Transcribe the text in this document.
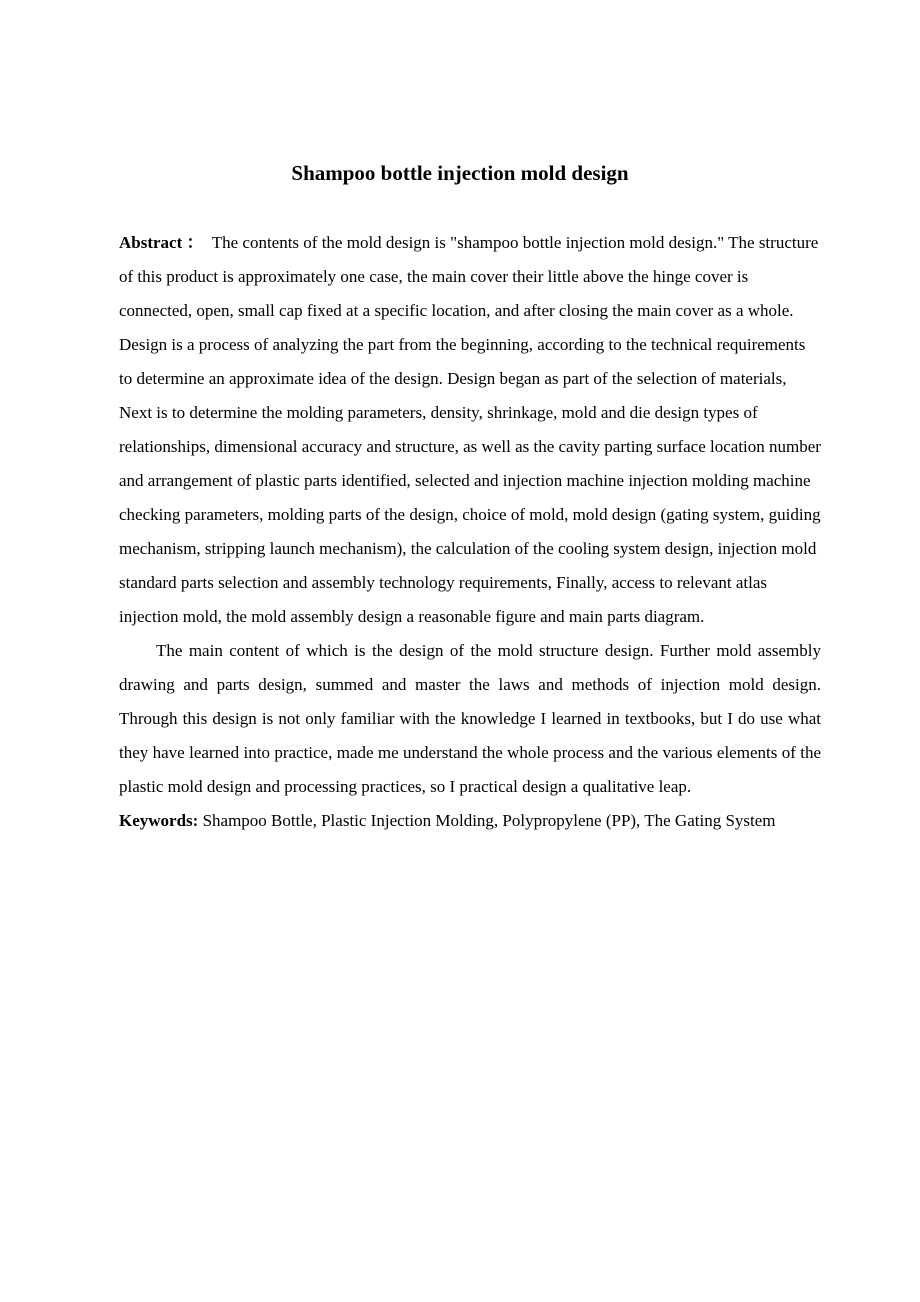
Shampoo bottle injection mold design

Abstract ： The contents of the mold design is "shampoo bottle injection mold design." The structure of this product is approximately one case, the main cover their little above the hinge cover is connected, open, small cap fixed at a specific location, and after closing the main cover as a whole. Design is a process of analyzing the part from the beginning, according to the technical requirements to determine an approximate idea of the design. Design began as part of the selection of materials, Next is to determine the molding parameters, density, shrinkage, mold and die design types of relationships, dimensional accuracy and structure, as well as the cavity parting surface location number and arrangement of plastic parts identified, selected and injection machine injection molding machine checking parameters, molding parts of the design, choice of mold, mold design (gating system, guiding mechanism, stripping launch mechanism), the calculation of the cooling system design, injection mold standard parts selection and assembly technology requirements, Finally, access to relevant atlas injection mold, the mold assembly design a reasonable figure and main parts diagram.

The main content of which is the design of the mold structure design. Further mold assembly drawing and parts design, summed and master the laws and methods of injection mold design. Through this design is not only familiar with the knowledge I learned in textbooks, but I do use what they have learned into practice, made me understand the whole process and the various elements of the plastic mold design and processing practices, so I practical design a qualitative leap.

Keywords: Shampoo Bottle, Plastic Injection Molding, Polypropylene (PP), The Gating System
